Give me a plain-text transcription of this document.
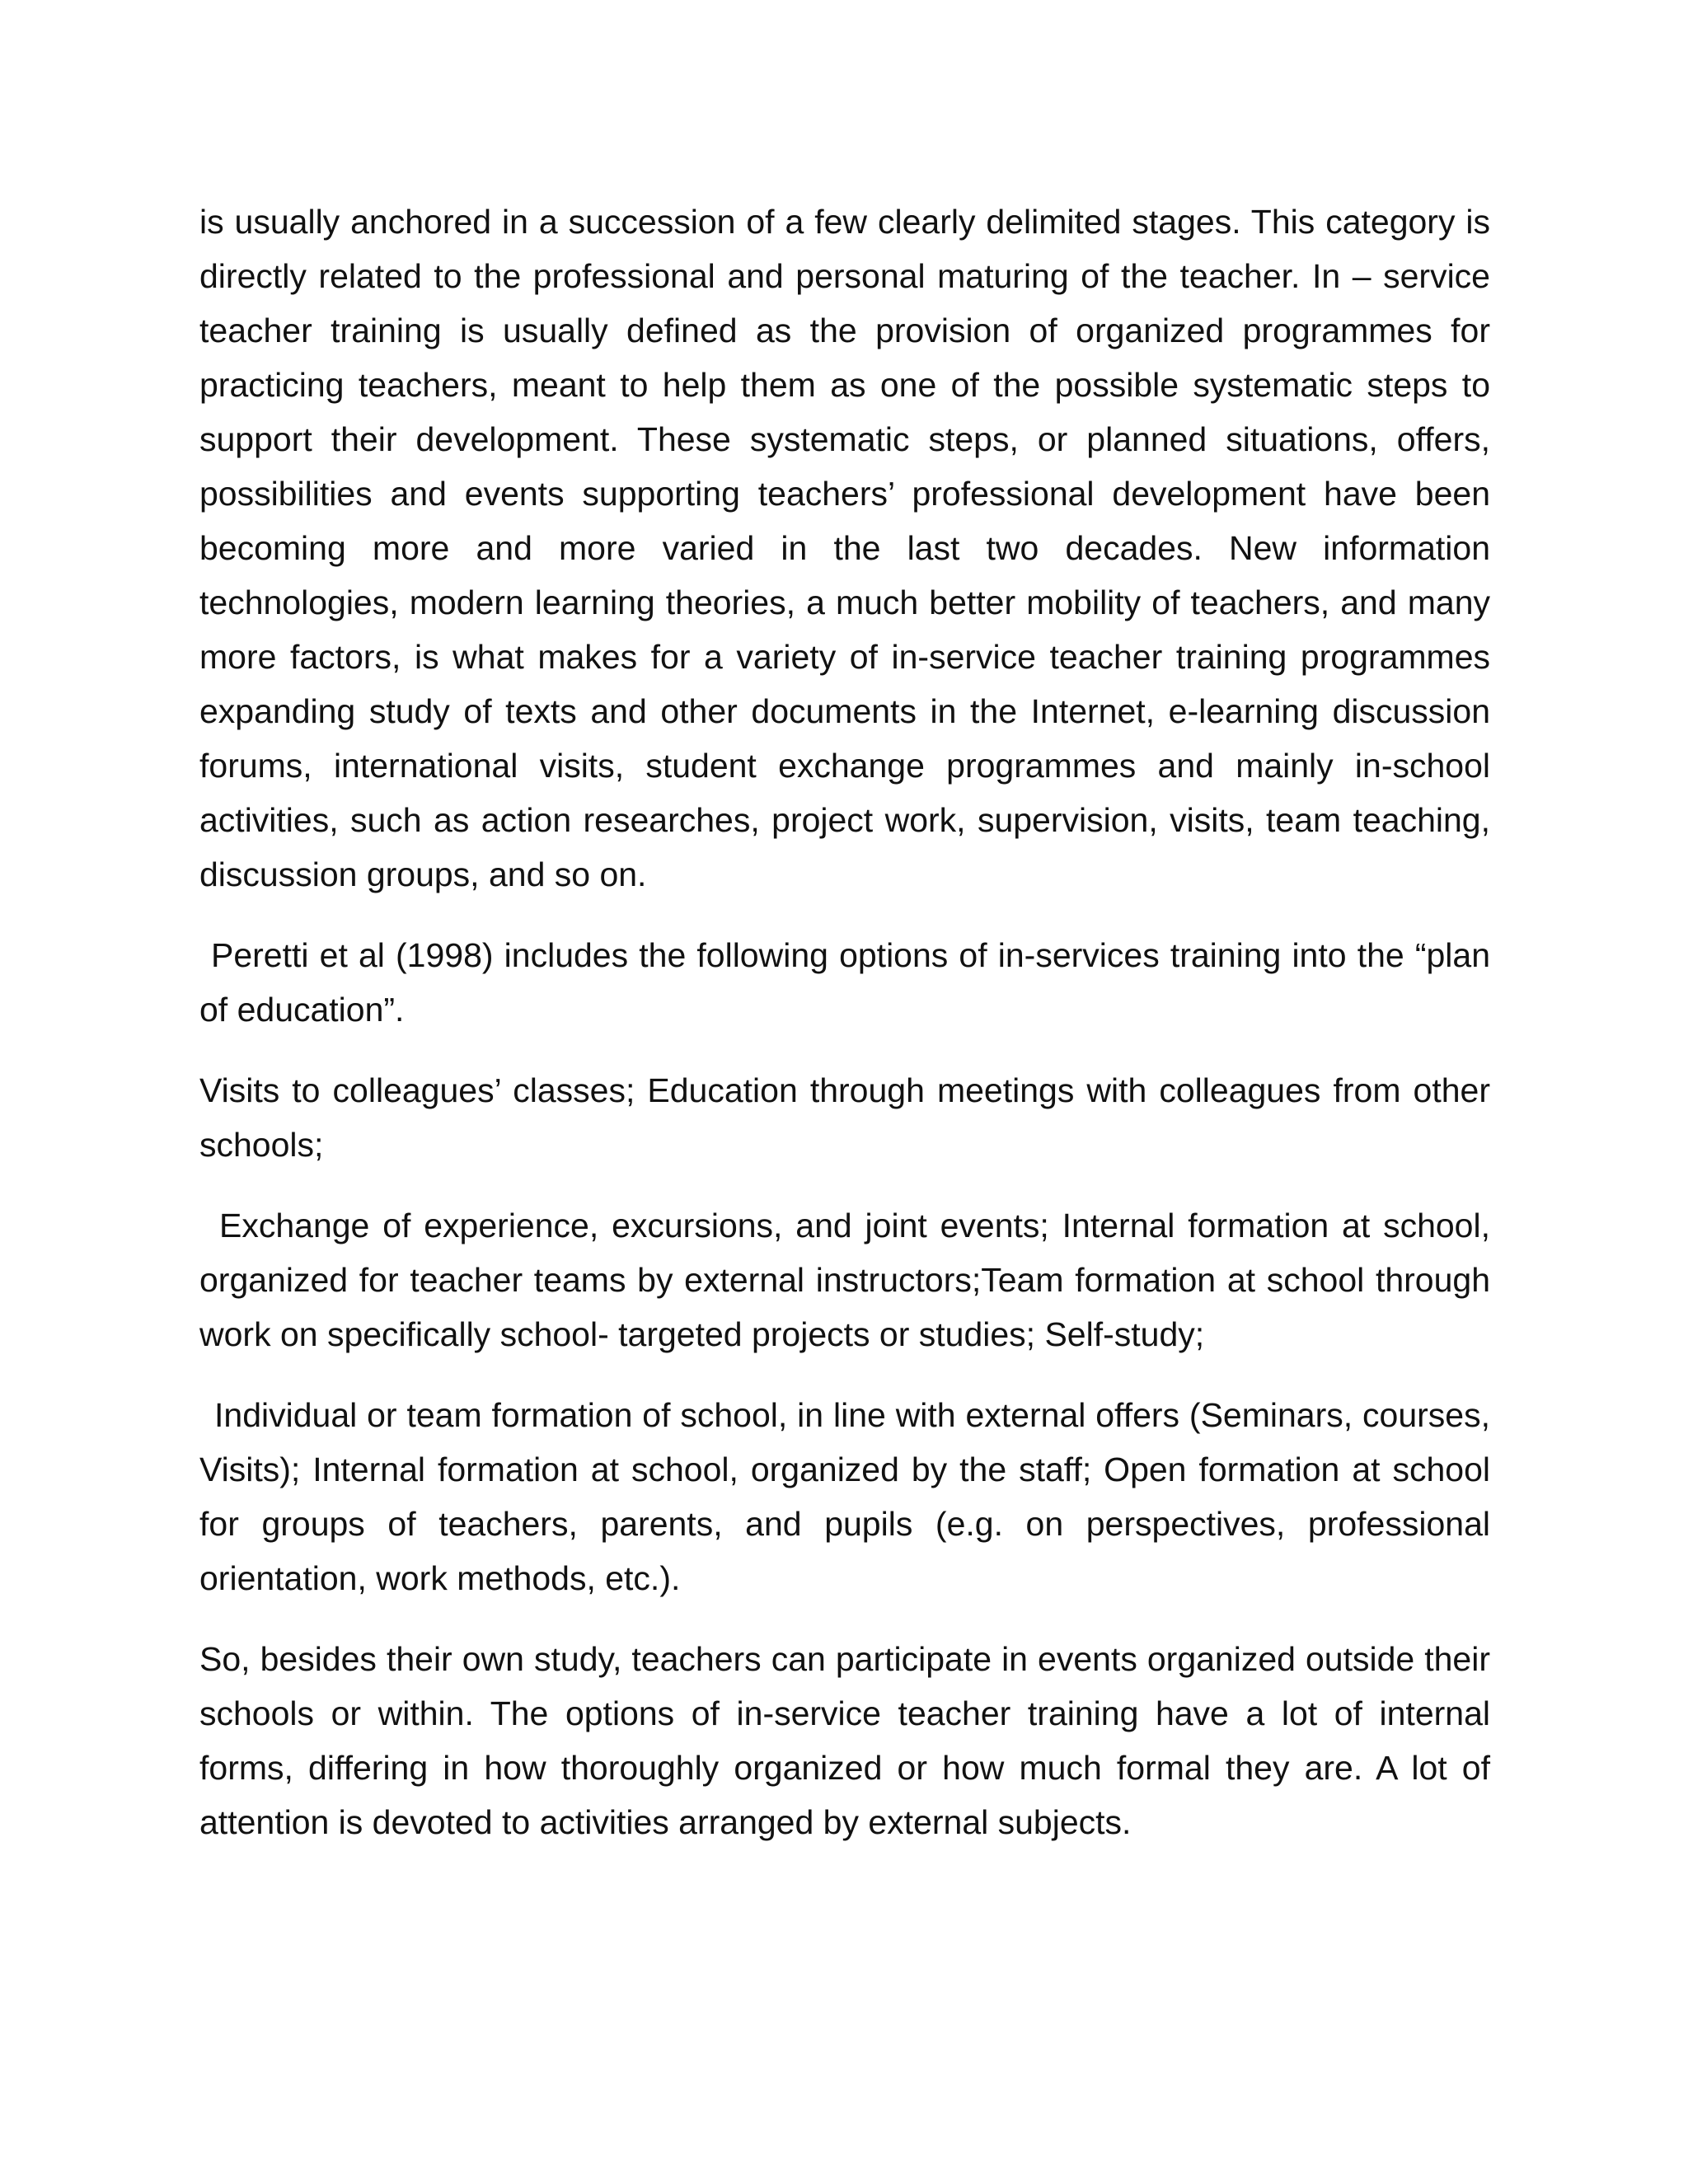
is usually anchored in a succession of a few clearly delimited stages. This category is directly related to the professional and personal maturing of the teacher. In – service teacher training is usually defined as the provision of organized programmes for practicing teachers, meant to help them as one of the possible systematic steps to support their development. These systematic steps, or planned situations, offers, possibilities and events supporting teachers’ professional development have been becoming more and more varied in the last two decades. New information technologies, modern learning theories, a much better mobility of teachers, and many more factors, is what makes for a variety of in-service teacher training programmes expanding study of texts and other documents in the Internet, e-learning discussion forums, international visits, student exchange programmes and mainly in-school activities, such as action researches, project work, supervision, visits, team teaching, discussion groups, and so on.

Peretti et al (1998) includes the following options of in-services training into the “plan of education”.

Visits to colleagues’ classes; Education through meetings with colleagues from other schools;

Exchange of experience, excursions, and joint events; Internal formation at school, organized for teacher teams by external instructors;Team formation at school through work on specifically school- targeted projects or studies; Self-study;

Individual or team formation of school, in line with external offers (Seminars, courses, Visits); Internal formation at school, organized by the staff; Open formation at school for groups of teachers, parents, and pupils (e.g. on perspectives, professional orientation, work methods, etc.).

So, besides their own study, teachers can participate in events organized outside their schools or within. The options of in-service teacher training have a lot of internal forms, differing in how thoroughly organized or how much formal they are. A lot of attention is devoted to activities arranged by external subjects.
